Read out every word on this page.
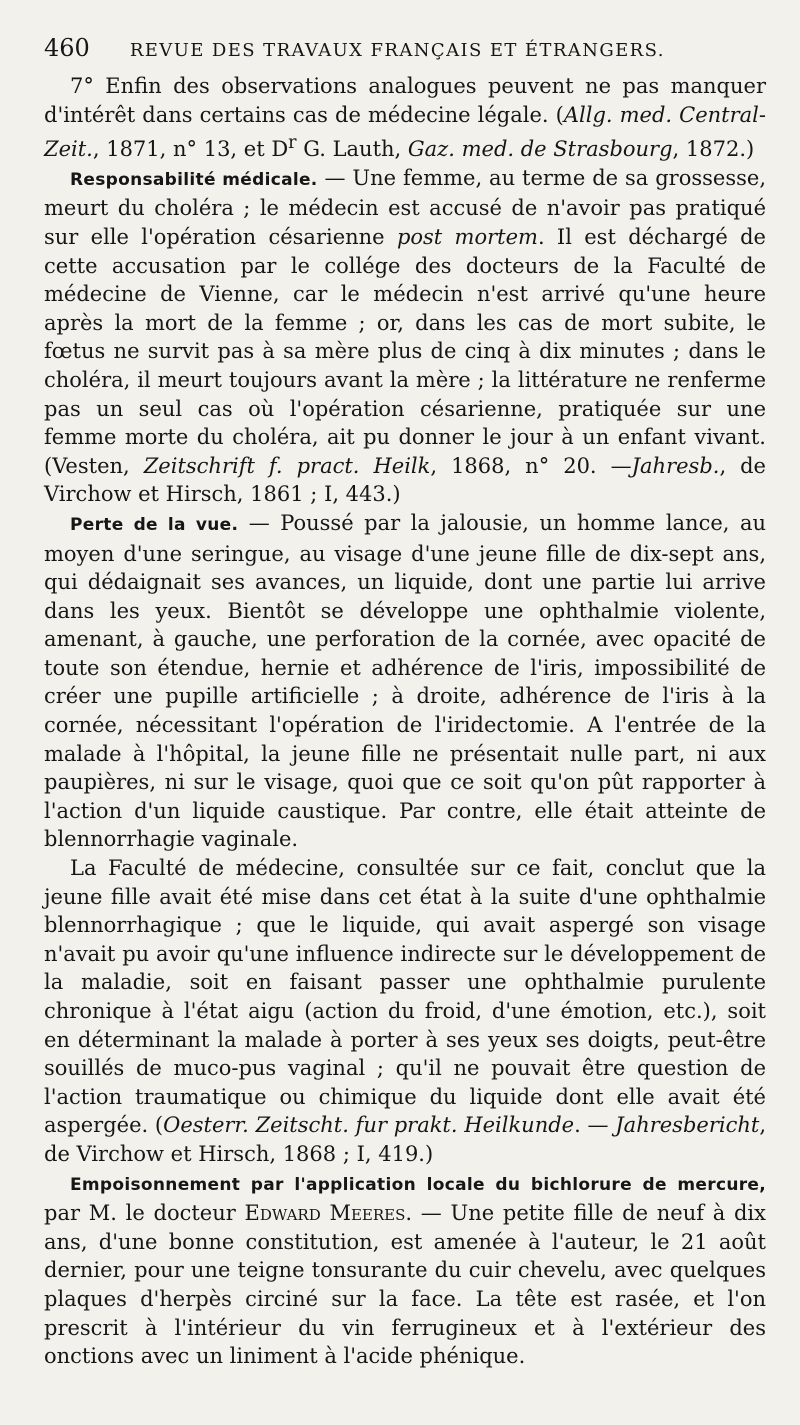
460 REVUE DES TRAVAUX FRANÇAIS ET ÉTRANGERS.

7° Enfin des observations analogues peuvent ne pas manquer d'intérêt dans certains cas de médecine légale. (Allg. med. Central-Zeit., 1871, n° 13, et $D^r$ G. Lauth, Gaz. med. de Strasbourg, 1872.)

Responsabilité médicale. — Une femme, au terme de sa grossesse, meurt du choléra ; le médecin est accusé de n'avoir pas pratiqué sur elle l'opération césarienne post mortem. Il est déchargé de cette accusation par le collége des docteurs de la Faculté de médecine de Vienne, car le médecin n'est arrivé qu'une heure après la mort de la femme ; or, dans les cas de mort subite, le fœtus ne survit pas à sa mère plus de cinq à dix minutes ; dans le choléra, il meurt toujours avant la mère ; la littérature ne renferme pas un seul cas où l'opération césarienne, pratiquée sur une femme morte du choléra, ait pu donner le jour à un enfant vivant. (Vesten, Zeitschrift f. pract. Heilk, 1868, n° 20. —Jahresb., de Virchow et Hirsch, 1861 ; I, 443.)

Perte de la vue. — Poussé par la jalousie, un homme lance, au moyen d'une seringue, au visage d'une jeune fille de dix-sept ans, qui dédaignait ses avances, un liquide, dont une partie lui arrive dans les yeux. Bientôt se développe une ophthalmie violente, amenant, à gauche, une perforation de la cornée, avec opacité de toute son étendue, hernie et adhérence de l'iris, impossibilité de créer une pupille artificielle ; à droite, adhérence de l'iris à la cornée, nécessitant l'opération de l'iridectomie. A l'entrée de la malade à l'hôpital, la jeune fille ne présentait nulle part, ni aux paupières, ni sur le visage, quoi que ce soit qu'on pût rapporter à l'action d'un liquide caustique. Par contre, elle était atteinte de blennorrhagie vaginale.

La Faculté de médecine, consultée sur ce fait, conclut que la jeune fille avait été mise dans cet état à la suite d'une ophthalmie blennorrhagique ; que le liquide, qui avait aspergé son visage n'avait pu avoir qu'une influence indirecte sur le développement de la maladie, soit en faisant passer une ophthalmie purulente chronique à l'état aigu (action du froid, d'une émotion, etc.), soit en déterminant la malade à porter à ses yeux ses doigts, peut-être souillés de muco-pus vaginal ; qu'il ne pouvait être question de l'action traumatique ou chimique du liquide dont elle avait été aspergée. (Oesterr. Zeitscht. fur prakt. Heilkunde. — Jahresbericht, de Virchow et Hirsch, 1868 ; I, 419.)

Empoisonnement par l'application locale du bichlorure de mercure, par M. le docteur Edward Meeres. — Une petite fille de neuf à dix ans, d'une bonne constitution, est amenée à l'auteur, le 21 août dernier, pour une teigne tonsurante du cuir chevelu, avec quelques plaques d'herpès circiné sur la face. La tête est rasée, et l'on prescrit à l'intérieur du vin ferrugineux et à l'extérieur des onctions avec un liniment à l'acide phénique.
